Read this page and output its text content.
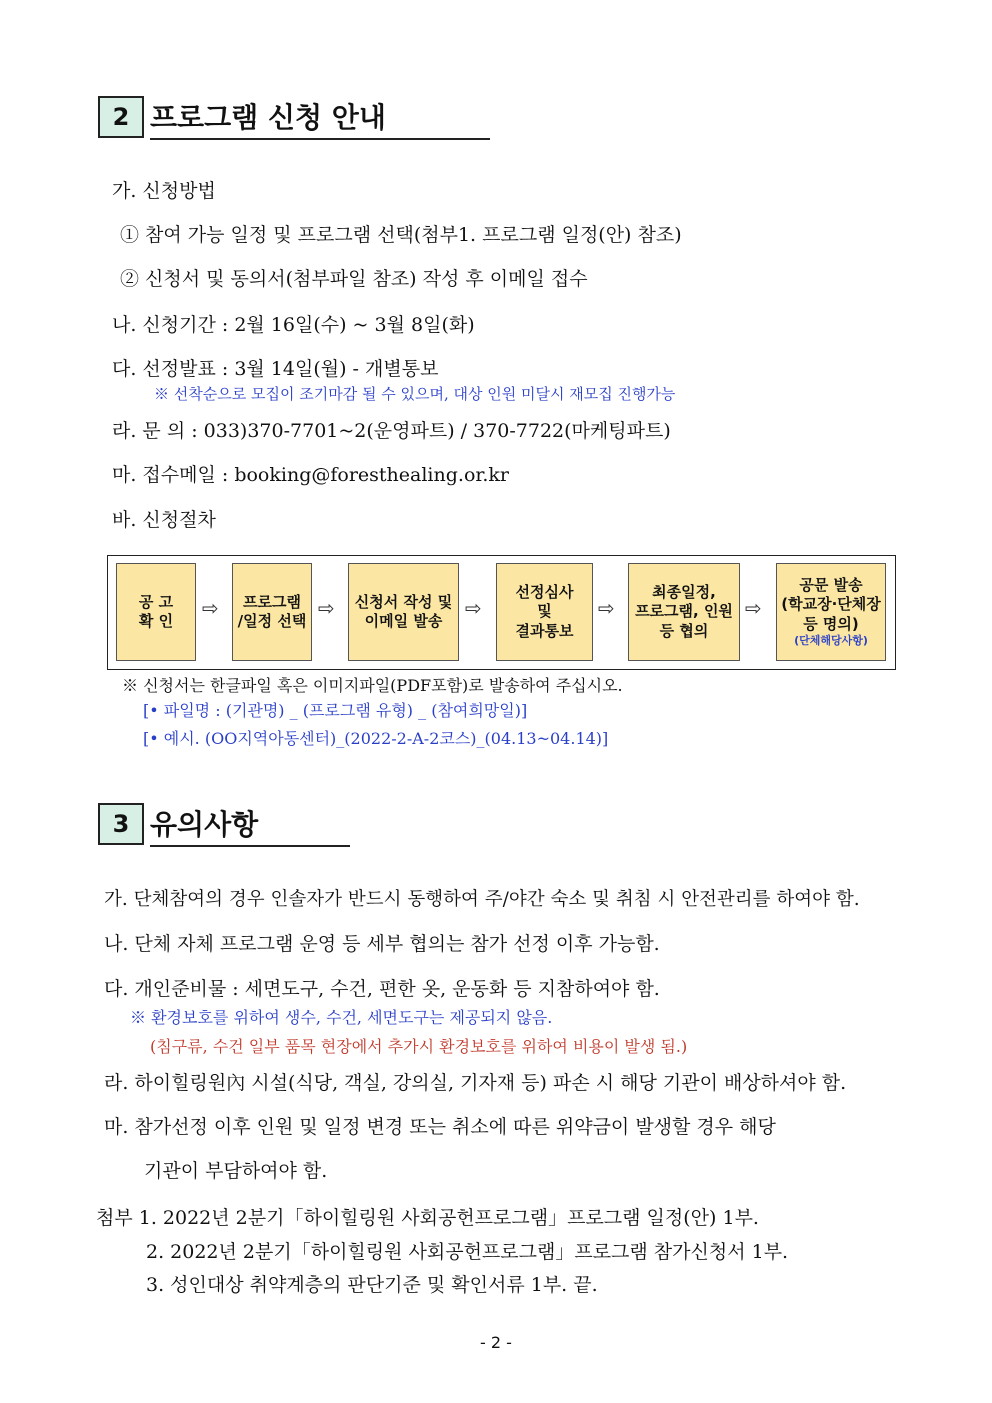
2 프로그램 신청 안내
가. 신청방법
① 참여 가능 일정 및 프로그램 선택(첨부1. 프로그램 일정(안) 참조)
② 신청서 및 동의서(첨부파일 참조) 작성 후 이메일 접수
나. 신청기간 : 2월 16일(수) ~ 3월 8일(화)
다. 선정발표 : 3월 14일(월) - 개별통보
※ 선착순으로 모집이 조기마감 될 수 있으며, 대상 인원 미달시 재모집 진행가능
라. 문 의 : 033)370-7701~2(운영파트) / 370-7722(마케팅파트)
마. 접수메일 : booking@foresthealing.or.kr
바. 신청절차
공 고
확 인
⇨	프로그램
/일정 선택
⇨	신청서 작성 및
이메일 발송
⇨
선정심사
및
결과통보
⇨
최종일정,
프로그램, 인원
등 협의
⇨
공문 발송
(학교장·단체장
등 명의)
(단체해당사항)
※ 신청서는 한글파일 혹은 이미지파일(PDF포함)로 발송하여 주십시오.
[• 파일명 : (기관명) _ (프로그램 유형) _ (참여희망일)]
[• 예시. (OO지역아동센터)_(2022-2-A-2코스)_(04.13~04.14)]
3 유의사항
가. 단체참여의 경우 인솔자가 반드시 동행하여 주/야간 숙소 및 취침 시 안전관리를 하여야 함.
나. 단체 자체 프로그램 운영 등 세부 협의는 참가 선정 이후 가능함.
다. 개인준비물 : 세면도구, 수건, 편한 옷, 운동화 등 지참하여야 함.
※ 환경보호를 위하여 생수, 수건, 세면도구는 제공되지 않음.
(침구류, 수건 일부 품목 현장에서 추가시 환경보호를 위하여 비용이 발생 됨.)
라. 하이힐링원內 시설(식당, 객실, 강의실, 기자재 등) 파손 시 해당 기관이 배상하셔야 함.
마. 참가선정 이후 인원 및 일정 변경 또는 취소에 따른 위약금이 발생할 경우 해당
기관이 부담하여야 함.
첨부 1. 2022년 2분기「하이힐링원 사회공헌프로그램」프로그램 일정(안) 1부.
2. 2022년 2분기「하이힐링원 사회공헌프로그램」프로그램 참가신청서 1부.
3. 성인대상 취약계층의 판단기준 및 확인서류 1부. 끝.
- 2 -
